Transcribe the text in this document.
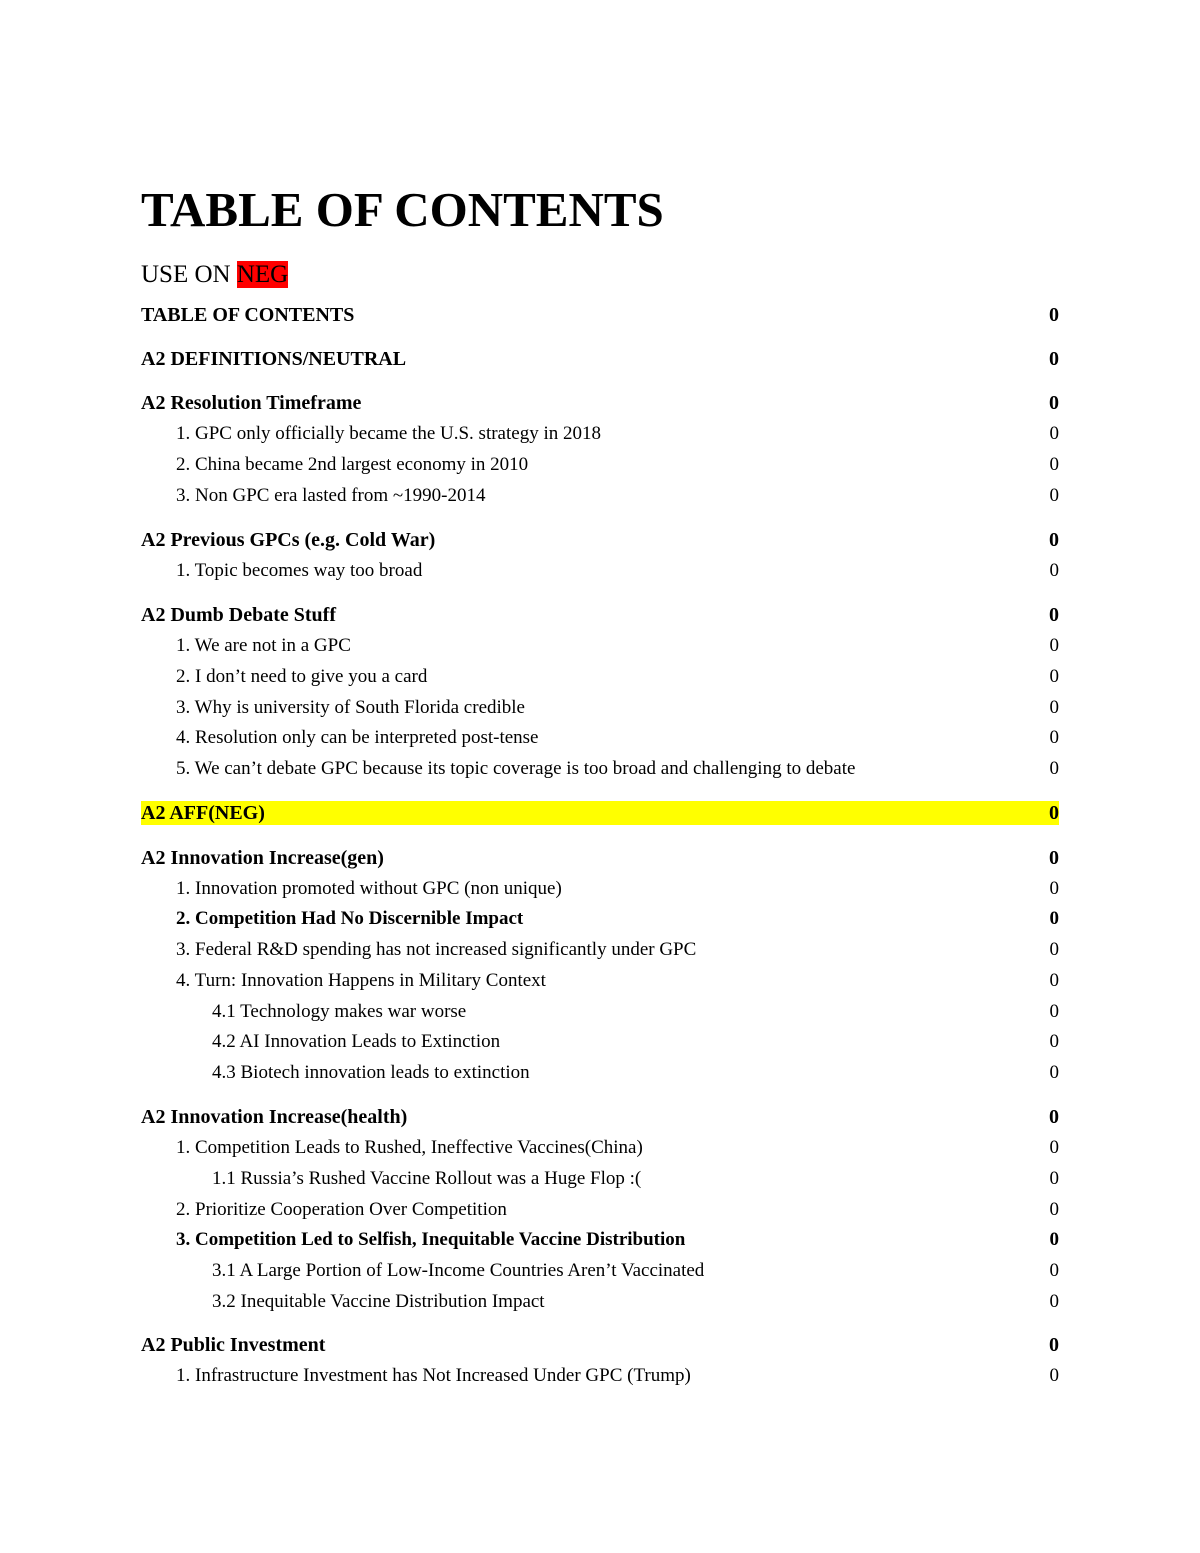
TABLE OF CONTENTS
USE ON NEG
TABLE OF CONTENTS	0
A2 DEFINITIONS/NEUTRAL	0
A2 Resolution Timeframe	0
1. GPC only officially became the U.S. strategy in 2018	0
2. China became 2nd largest economy in 2010	0
3. Non GPC era lasted from ~1990-2014	0
A2 Previous GPCs (e.g. Cold War)	0
1. Topic becomes way too broad	0
A2 Dumb Debate Stuff	0
1. We are not in a GPC	0
2. I don’t need to give you a card	0
3. Why is university of South Florida credible	0
4. Resolution only can be interpreted post-tense	0
5. We can’t debate GPC because its topic coverage is too broad and challenging to debate	0
A2 AFF(NEG)	0
A2 Innovation Increase(gen)	0
1. Innovation promoted without GPC (non unique)	0
2. Competition Had No Discernible Impact	0
3. Federal R&D spending has not increased significantly under GPC	0
4. Turn: Innovation Happens in Military Context	0
4.1 Technology makes war worse	0
4.2 AI Innovation Leads to Extinction	0
4.3 Biotech innovation leads to extinction	0
A2 Innovation Increase(health)	0
1. Competition Leads to Rushed, Ineffective Vaccines(China)	0
1.1 Russia’s Rushed Vaccine Rollout was a Huge Flop :(	0
2. Prioritize Cooperation Over Competition	0
3. Competition Led to Selfish, Inequitable Vaccine Distribution	0
3.1 A Large Portion of Low-Income Countries Aren’t Vaccinated	0
3.2 Inequitable Vaccine Distribution Impact	0
A2 Public Investment	0
1. Infrastructure Investment has Not Increased Under GPC (Trump)	0
